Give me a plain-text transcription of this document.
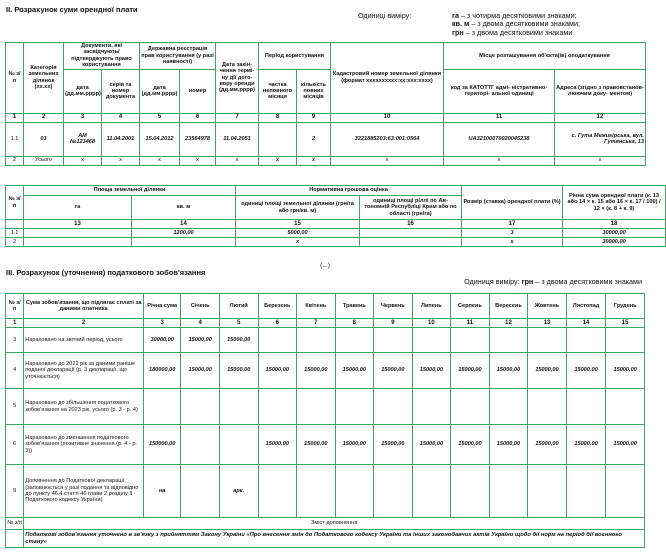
II. Розрахунок суми орендної плати
Одиниці виміру:	га – з чотирма десятковими знаками;
кв. м – з двома десятковими знаками;
грн – з двома десятковими знаками
№ з/п	Категорія земельних ділянок (хх.хх)	Документи, які засвідчують/ підтверджують право користування		Державна реєстрація прав користування (у разі наявності)		Дата закін- чення термі- ну дії дого- вору оренди (дд.мм.рррр)	Період користування		Кадастровий номер земельної ділянки (формат хххххххххх:хх:ххх:хххх)	Місце розташування об'єкта(ів) оподаткування	
		дата (дд.мм.рррр)	серія та номер документа	дата (дд.мм.рррр)	номер		частка неповного місяця	кількість повних місяців		код за КАТОТТГ адмі- ністративно-територі- альної одиниці	Адреса (згідно з правовстанов- люючим доку- ментом)
1	2	3	4	5	6	7	8	9	10	11	12
1.1	03	АМ №123468	11.04.2001	15.04.2012	23564978	11.04.2051		2	3221885203:63:001:0564	UA32100070020045238	с. Гута Межигірська, вул. Гутянська, 13
2	Усього	x	x	x	x	x	x	x	x	x	x
№ з/п	Площа земельної ділянки		Нормативна грошова оцінка		Розмір (ставка) орендної плати (%)	Річна сума орендної плати (к. 13 або 14 × к. 15 або 16 × к. 17 / 100) / 12 × (к. 8 + к. 9)
	га	кв. м	одиниці площі земельної ділянки (грн/га або грн/кв. м)	одиниці площі ріллі по Ав- тономній Республіці Крим або по області (грн/га)		
	13	14	15	16	17	18
1.1		1200,00	5000,00		3	30000,00
2			x		x	30000,00
(...)
III. Розрахунок (уточнення) податкового зобов'язання
Одиниця виміру: грн – з двома десятковими знаками
№ з/п	Сума зобов'язання, що підлягає сплаті за даними платника	Річна сума	Січень	Лютий	Березень	Квітень	Травень	Червень	Липень	Серпень	Вересень	Жовтень	Листопад	Грудень
1	2	3	4	5	6	7	8	9	10	11	12	13	14	15
3	Нараховано на звітний період, усього	30000,00	15000,00	15000,00										
4	Нараховано до 2022 рік за даними раніше поданої декларації (р. 3 декларації, що уточнюється)	180000,00	15000,00	15000,00	15000,00	15000,00	15000,00	15000,00	15000,00	15000,00	15000,00	15000,00	15000,00	15000,00
5	Нараховано до збільшення податкового зобов'язання на 2023 рік, усього (р. 3 - р. 4)													
6	Нараховано до зменшення податкового зобов'язання (позитивне значення (р. 4 - р. 3))	150000,00			15000,00	15000,00	15000,00	15000,00	15000,00	15000,00	15000,00	15000,00	15000,00	15000,00
9	Доповнення до Податкової декларації (заповнюється у разі подання та відповідно до пункту 46.4 статті 46 глави 2 розділу II Податкового кодексу України)	на		арк.										
№ з/п	Зміст доповнення													
	Податкові зобов'язання уточнено в зв'язку з прийняттям Закону України «Про внесення змін до Податкового кодексу України та інших законодавчих актів України щодо дії норм на період дії воєнного стану»													
